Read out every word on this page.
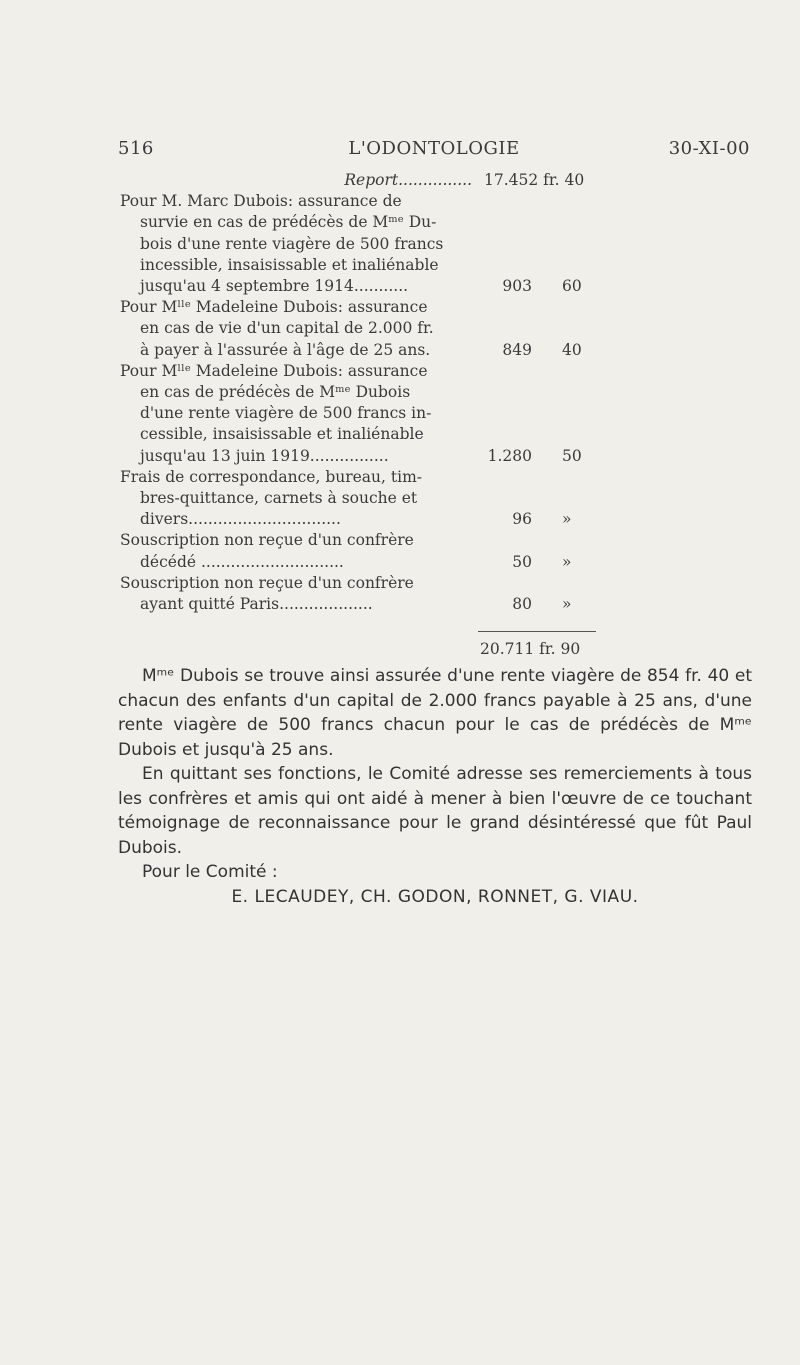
516	L'ODONTOLOGIE	30-XI-00
Report............... 17.452 fr. 40
Pour M. Marc Dubois: assurance de
survie en cas de prédécès de Mᵐᵉ Du-
bois d'une rente viagère de 500 francs
incessible, insaisissable et inaliénable
jusqu'au 4 septembre 1914...........	903 60
Pour Mˡˡᵉ Madeleine Dubois: assurance
en cas de vie d'un capital de 2.000 fr.
à payer à l'assurée à l'âge de 25 ans.	849 40
Pour Mˡˡᵉ Madeleine Dubois: assurance
en cas de prédécès de Mᵐᵉ Dubois
d'une rente viagère de 500 francs in-
cessible, insaisissable et inaliénable
jusqu'au 13 juin 1919................	1.280 50
Frais de correspondance, bureau, tim-
bres-quittance, carnets à souche et
divers...............................	96 »
Souscription non reçue d'un confrère
décédé .............................	50 »
Souscription non reçue d'un confrère
ayant quitté Paris...................	80 »
20.711 fr. 90

Mᵐᵉ Dubois se trouve ainsi assurée d'une rente viagère de 854 fr. 40 et chacun des enfants d'un capital de 2.000 francs payable à 25 ans, d'une rente viagère de 500 francs chacun pour le cas de prédécès de Mᵐᵉ Dubois et jusqu'à 25 ans.

En quittant ses fonctions, le Comité adresse ses remerciements à tous les confrères et amis qui ont aidé à mener à bien l'œuvre de ce touchant témoignage de reconnaissance pour le grand désintéressé que fût Paul Dubois.

Pour le Comité :

E. LECAUDEY, CH. GODON, RONNET, G. VIAU.
